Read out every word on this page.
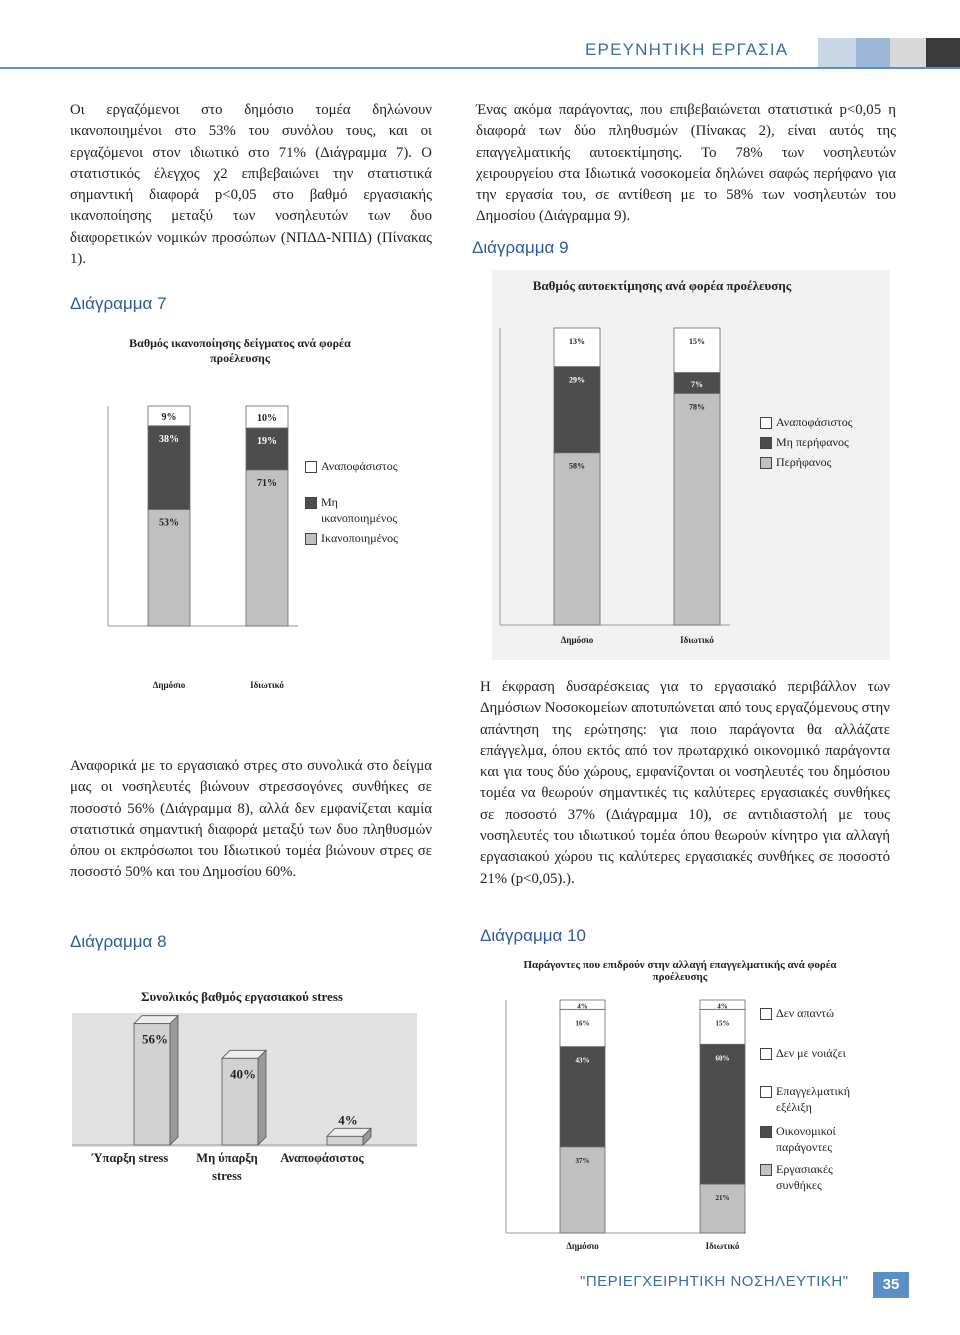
ΕΡΕΥΝΗΤΙΚΗ ΕΡΓΑΣΙΑ

Οι εργαζόμενοι στο δημόσιο τομέα δηλώνουν ικανοποιημένοι στο 53% του συνόλου τους, και οι εργαζόμενοι στον ιδιωτικό στο 71% (Διάγραμμα 7). Ο στατιστικός έλεγχος χ2 επιβεβαιώνει την στατιστικά σημαντική διαφορά p<0,05 στο βαθμό εργασιακής ικανοποίησης μεταξύ των νοσηλευτών των δυο διαφορετικών νομικών προσώπων (ΝΠΔΔ-ΝΠΙΔ) (Πίνακας 1).

Διάγραμμα 7
Βαθμός ικανοποίησης δείγματος ανά φορέα προέλευσης
53%
38%
9%
Δημόσιο
71%
19%
10%
Ιδιωτικό
Αναποφάσιστος
Μη ικανοποιημένος
Ικανοποιημένος

Αναφορικά με το εργασιακό στρες στο συνολικά στο δείγμα μας οι νοσηλευτές βιώνουν στρεσσογόνες συνθήκες σε ποσοστό 56% (Διάγραμμα 8), αλλά δεν εμφανίζεται καμία στατιστικά σημαντική διαφορά μεταξύ των δυο πληθυσμών όπου οι εκπρόσωποι του Ιδιωτικού τομέα βιώνουν στρες σε ποσοστό 50% και του Δημοσίου 60%.

Διάγραμμα 8
Συνολικός βαθμός εργασιακού stress
56%
40%
4%
Ύπαρξη stress Μη ύπαρξη
stress
Αναποφάσιστος

Ένας ακόμα παράγοντας, που επιβεβαιώνεται στατιστικά p<0,05 η διαφορά των δύο πληθυσμών (Πίνακας 2), είναι αυτός της επαγγελματικής αυτοεκτίμησης. Το 78% των νοσηλευτών χειρουργείου στα Ιδιωτικά νοσοκομεία δηλώνει σαφώς περήφανο για την εργασία του, σε αντίθεση με το 58% των νοσηλευτών του Δημοσίου (Διάγραμμα 9).

Διάγραμμα 9
Βαθμός αυτοεκτίμησης ανά φορέα προέλευσης
58%
29%
13%
Δημόσιο
78%
7%
15%
Ιδιωτικό
Αναποφάσιστος
Μη περήφανος
Περήφανος

Η έκφραση δυσαρέσκειας για το εργασιακό περιβάλλον των Δημόσιων Νοσοκομείων αποτυπώνεται από τους εργαζόμενους στην απάντηση της ερώτησης: για ποιο παράγοντα θα αλλάζατε επάγγελμα, όπου εκτός από τον πρωταρχικό οικονομικό παράγοντα και για τους δύο χώρους, εμφανίζονται οι νοσηλευτές του δημόσιου τομέα να θεωρούν σημαντικές τις καλύτερες εργασιακές συνθήκες σε ποσοστό 37% (Διάγραμμα 10), σε αντιδιαστολή με τους νοσηλευτές του ιδιωτικού τομέα όπου θεωρούν κίνητρο για αλλαγή εργασιακού χώρου τις καλύτερες εργασιακές συνθήκες σε ποσοστό 21% (p<0,05).).

Διάγραμμα 10
Παράγοντες που επιδρούν στην αλλαγή επαγγελματικής ανά φορέα προέλευσης
37%
43%
16%
4%
Δημόσιο
21%
60%
15%
4%
Ιδιωτικό
Δεν απαντώ
Δεν με νοιάζει
Επαγγελματική εξέλιξη
Οικονομικοί παράγοντες
Εργασιακές συνθήκες
"ΠΕΡΙΕΓΧΕΙΡΗΤΙΚΗ ΝΟΣΗΛΕΥΤΙΚΗ"	35
